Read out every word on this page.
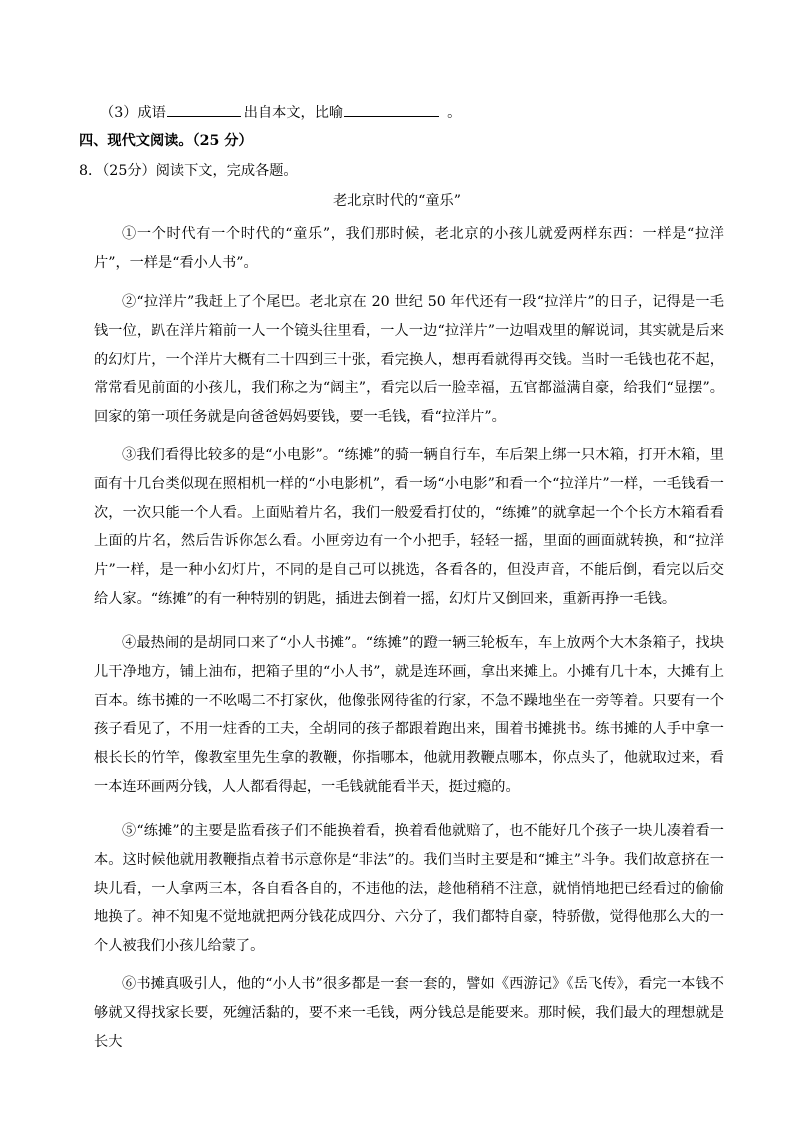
（3）成语	出自本文，比喻	。
四、现代文阅读。（25 分）
8．（25分）阅读下文，完成各题。
老北京时代的“童乐”
①一个时代有一个时代的“童乐”，我们那时候，老北京的小孩儿就爱两样东西：一样是“拉洋片”，一样是“看小人书”。
②“拉洋片”我赶上了个尾巴。老北京在 20 世纪 50 年代还有一段“拉洋片”的日子，记得是一毛钱一位，趴在洋片箱前一人一个镜头往里看，一人一边“拉洋片”一边唱戏里的解说词，其实就是后来的幻灯片，一个洋片大概有二十四到三十张，看完换人，想再看就得再交钱。当时一毛钱也花不起，常常看见前面的小孩儿，我们称之为“阔主”，看完以后一脸幸福，五官都溢满自豪，给我们“显摆”。回家的第一项任务就是向爸爸妈妈要钱，要一毛钱，看“拉洋片”。
③我们看得比较多的是“小电影”。“练摊”的骑一辆自行车，车后架上绑一只木箱，打开木箱，里面有十几台类似现在照相机一样的“小电影机”，看一场“小电影”和看一个“拉洋片”一样，一毛钱看一次，一次只能一个人看。上面贴着片名，我们一般爱看打仗的，“练摊”的就拿起一个个长方木箱看看上面的片名，然后告诉你怎么看。小匣旁边有一个小把手，轻轻一摇，里面的画面就转换，和“拉洋片”一样，是一种小幻灯片，不同的是自己可以挑选，各看各的，但没声音，不能后倒，看完以后交给人家。“练摊”的有一种特别的钥匙，插进去倒着一摇，幻灯片又倒回来，重新再挣一毛钱。
④最热闹的是胡同口来了“小人书摊”。“练摊”的蹬一辆三轮板车，车上放两个大木条箱子，找块儿干净地方，铺上油布，把箱子里的“小人书”，就是连环画，拿出来摊上。小摊有几十本，大摊有上百本。练书摊的一不吆喝二不打家伙，他像张网待雀的行家，不急不躁地坐在一旁等着。只要有一个孩子看见了，不用一炷香的工夫，全胡同的孩子都跟着跑出来，围着书摊挑书。练书摊的人手中拿一根长长的竹竿，像教室里先生拿的教鞭，你指哪本，他就用教鞭点哪本，你点头了，他就取过来，看一本连环画两分钱，人人都看得起，一毛钱就能看半天，挺过瘾的。
⑤“练摊”的主要是监看孩子们不能换着看，换着看他就赔了，也不能好几个孩子一块儿凑着看一本。这时候他就用教鞭指点着书示意你是“非法”的。我们当时主要是和“摊主”斗争。我们故意挤在一块儿看，一人拿两三本，各自看各自的，不违他的法，趁他稍稍不注意，就悄悄地把已经看过的偷偷地换了。神不知鬼不觉地就把两分钱花成四分、六分了，我们都特自豪，特骄傲，觉得他那么大的一个人被我们小孩儿给蒙了。
⑥书摊真吸引人，他的“小人书”很多都是一套一套的，譬如《西游记》《岳飞传》，看完一本钱不够就又得找家长要，死缠活黏的，要不来一毛钱，两分钱总是能要来。那时候，我们最大的理想就是长大
